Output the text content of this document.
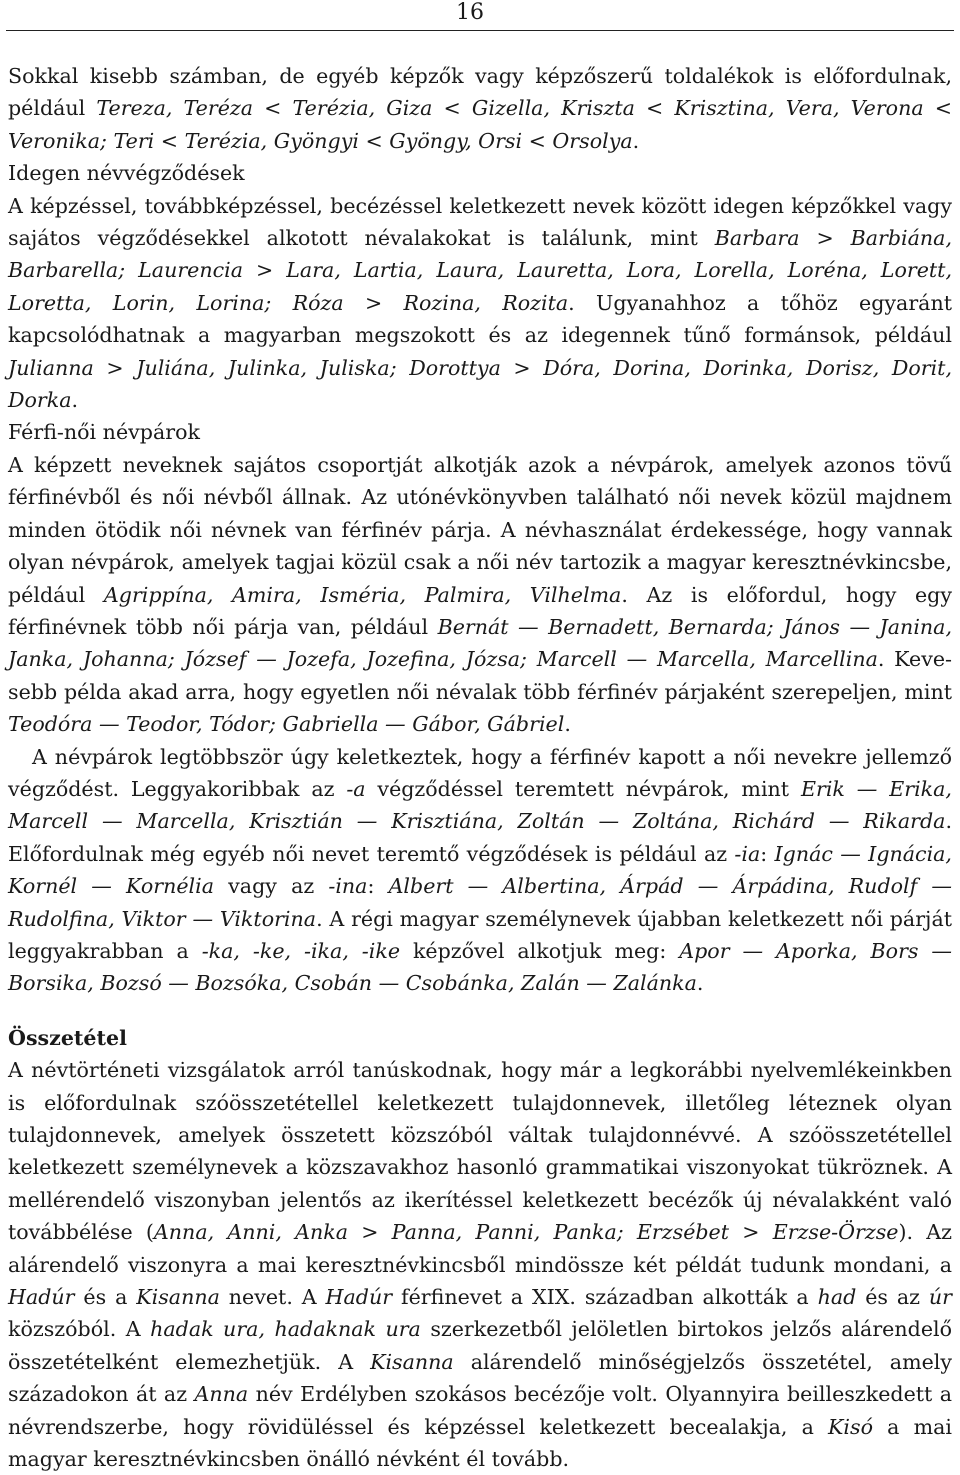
16

Sokkal kisebb számban, de egyéb képzők vagy képzőszerű toldalékok is előfordulnak, például Tereza, Teréza < Terézia, Giza < Gizella, Kriszta < Krisztina, Vera, Verona < Veronika; Teri < Terézia, Gyöngyi < Gyöngy, Orsi < Orsolya.

Idegen névvégződések

A képzéssel, továbbképzéssel, becézéssel keletkezett nevek között idegen képzőkkel vagy sajátos végződésekkel alkotott névalakokat is találunk, mint Barbara > Barbiána, Barbarella; Laurencia > Lara, Lartia, Laura, Lauretta, Lora, Lorella, Loréna, Lorett, Loretta, Lorin, Lorina; Róza > Rozina, Rozita. Ugyanahhoz a tőhöz egyaránt kapcsolódhatnak a magyarban megszokott és az idegennek tűnő formánsok, például Julianna > Juliána, Julinka, Juliska; Dorottya > Dóra, Dorina, Dorinka, Dorisz, Dorit, Dorka.

Férfi-női névpárok

A képzett neveknek sajátos csoportját alkotják azok a névpárok, amelyek azonos tövű férfinévből és női névből állnak. Az utónévkönyvben található női nevek közül majdnem minden ötödik női névnek van férfinév párja. A névhasználat érdekessége, hogy vannak olyan névpárok, amelyek tagjai közül csak a női név tartozik a magyar keresztnévkincsbe, például Agrippína, Amira, Isméria, Palmira, Vilhelma. Az is előfordul, hogy egy férfinévnek több női párja van, például Bernát — Bernadett, Bernarda; János — Janina, Janka, Johanna; József — Jozefa, Jozefina, Józsa; Marcell — Marcella, Marcellina. Kevesebb példa akad arra, hogy egyetlen női névalak több férfinév párjaként szerepeljen, mint Teodóra — Teodor, Tódor; Gabriella — Gábor, Gábriel.

A névpárok legtöbbször úgy keletkeztek, hogy a férfinév kapott a női nevekre jellemző végződést. Leggyakoribbak az -a végződéssel teremtett névpárok, mint Erik — Erika, Marcell — Marcella, Krisztián — Krisztiána, Zoltán — Zoltána, Richárd — Rikarda. Előfordulnak még egyéb női nevet teremtő végződések is például az -ia: Ignác — Ignácia, Kornél — Kornélia vagy az -ina: Albert — Albertina, Árpád — Árpádina, Rudolf — Rudolfina, Viktor — Viktorina. A régi magyar személynevek újabban keletkezett női párját leggyakrabban a -ka, -ke, -ika, -ike képzővel alkotjuk meg: Apor — Aporka, Bors — Borsika, Bozsó — Bozsóka, Csobán — Csobánka, Zalán — Zalánka.

Összetétel

A névtörténeti vizsgálatok arról tanúskodnak, hogy már a legkorábbi nyelvemlékeinkben is előfordulnak szóösszetétellel keletkezett tulajdonnevek, illetőleg léteznek olyan tulajdonnevek, amelyek összetett közszóból váltak tulajdonnévvé. A szóösszetétellel keletkezett személynevek a közszavakhoz hasonló grammatikai viszonyokat tükröznek. A mellérendelő viszonyban jelentős az ikerítéssel keletkezett becézők új névalakként való továbbélése (Anna, Anni, Anka > Panna, Panni, Panka; Erzsébet > Erzse-Örzse). Az alárendelő viszonyra a mai keresztnévkincsből mindössze két példát tudunk mondani, a Hadúr és a Kisanna nevet. A Hadúr férfinevet a XIX. században alkották a had és az úr közszóból. A hadak ura, hadaknak ura szerkezetből jelöletlen birtokos jelzős alárendelő összetételként elemezhetjük. A Kisanna alárendelő minőségjelzős összetétel, amely századokon át az Anna név Erdélyben szokásos becézője volt. Olyannyira beilleszkedett a névrendszerbe, hogy rövidüléssel és képzéssel keletkezett becealakja, a Kisó a mai magyar keresztnévkincsben önálló névként él tovább.
